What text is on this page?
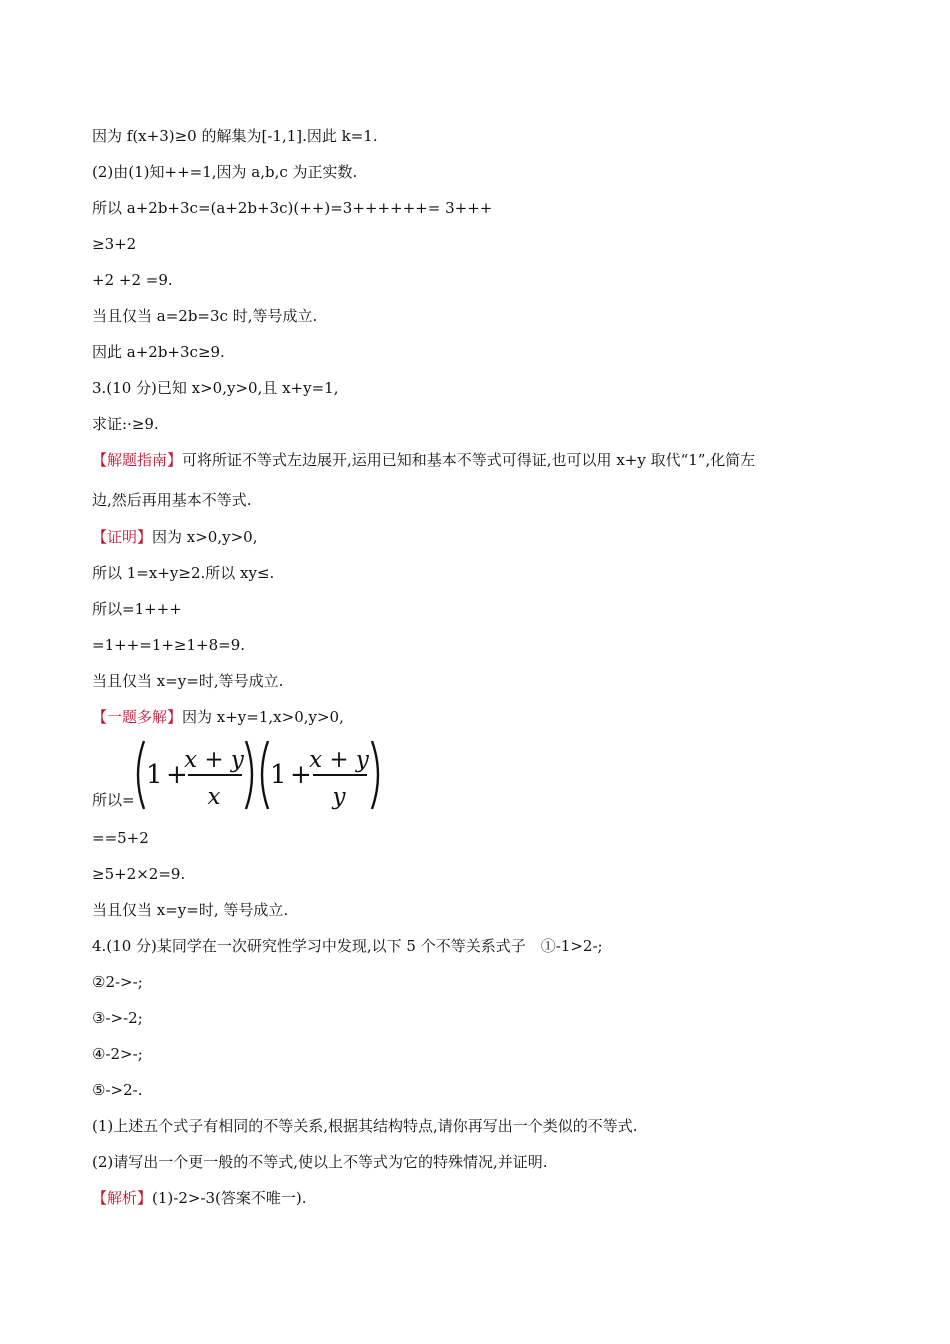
因为 f(x+3)≥0 的解集为[-1,1].因此 k=1.
(2)由(1)知++=1,因为 a,b,c 为正实数.
所以 a+2b+3c=(a+2b+3c)(++)=3++++++= 3+++
≥3+2
+2 +2 =9.
当且仅当 a=2b=3c 时,等号成立.
因此 a+2b+3c≥9.
3.(10 分)已知 x>0,y>0,且 x+y=1,
求证:·≥9.
【解题指南】可将所证不等式左边展开,运用已知和基本不等式可得证,也可以用 x+y 取代“1”,化简左
边,然后再用基本不等式.
【证明】因为 x>0,y>0,
所以 1=x+y≥2.所以 xy≤.
所以=1+++
=1++=1+≥1+8=9.
当且仅当 x=y=时,等号成立.
【一题多解】因为 x+y=1,x>0,y>0,
所以=
1 +
x + y
x
1 +
x + y
y
==5+2
≥5+2×2=9.
当且仅当 x=y=时, 等号成立.
4.(10 分)某同学在一次研究性学习中发现,以下 5 个不等关系式子　①-1>2-;
②2->-;
③->-2;
④-2>-;
⑤->2-.
(1)上述五个式子有相同的不等关系,根据其结构特点,请你再写出一个类似的不等式.
(2)请写出一个更一般的不等式,使以上不等式为它的特殊情况,并证明.
【解析】(1)-2>-3(答案不唯一).
